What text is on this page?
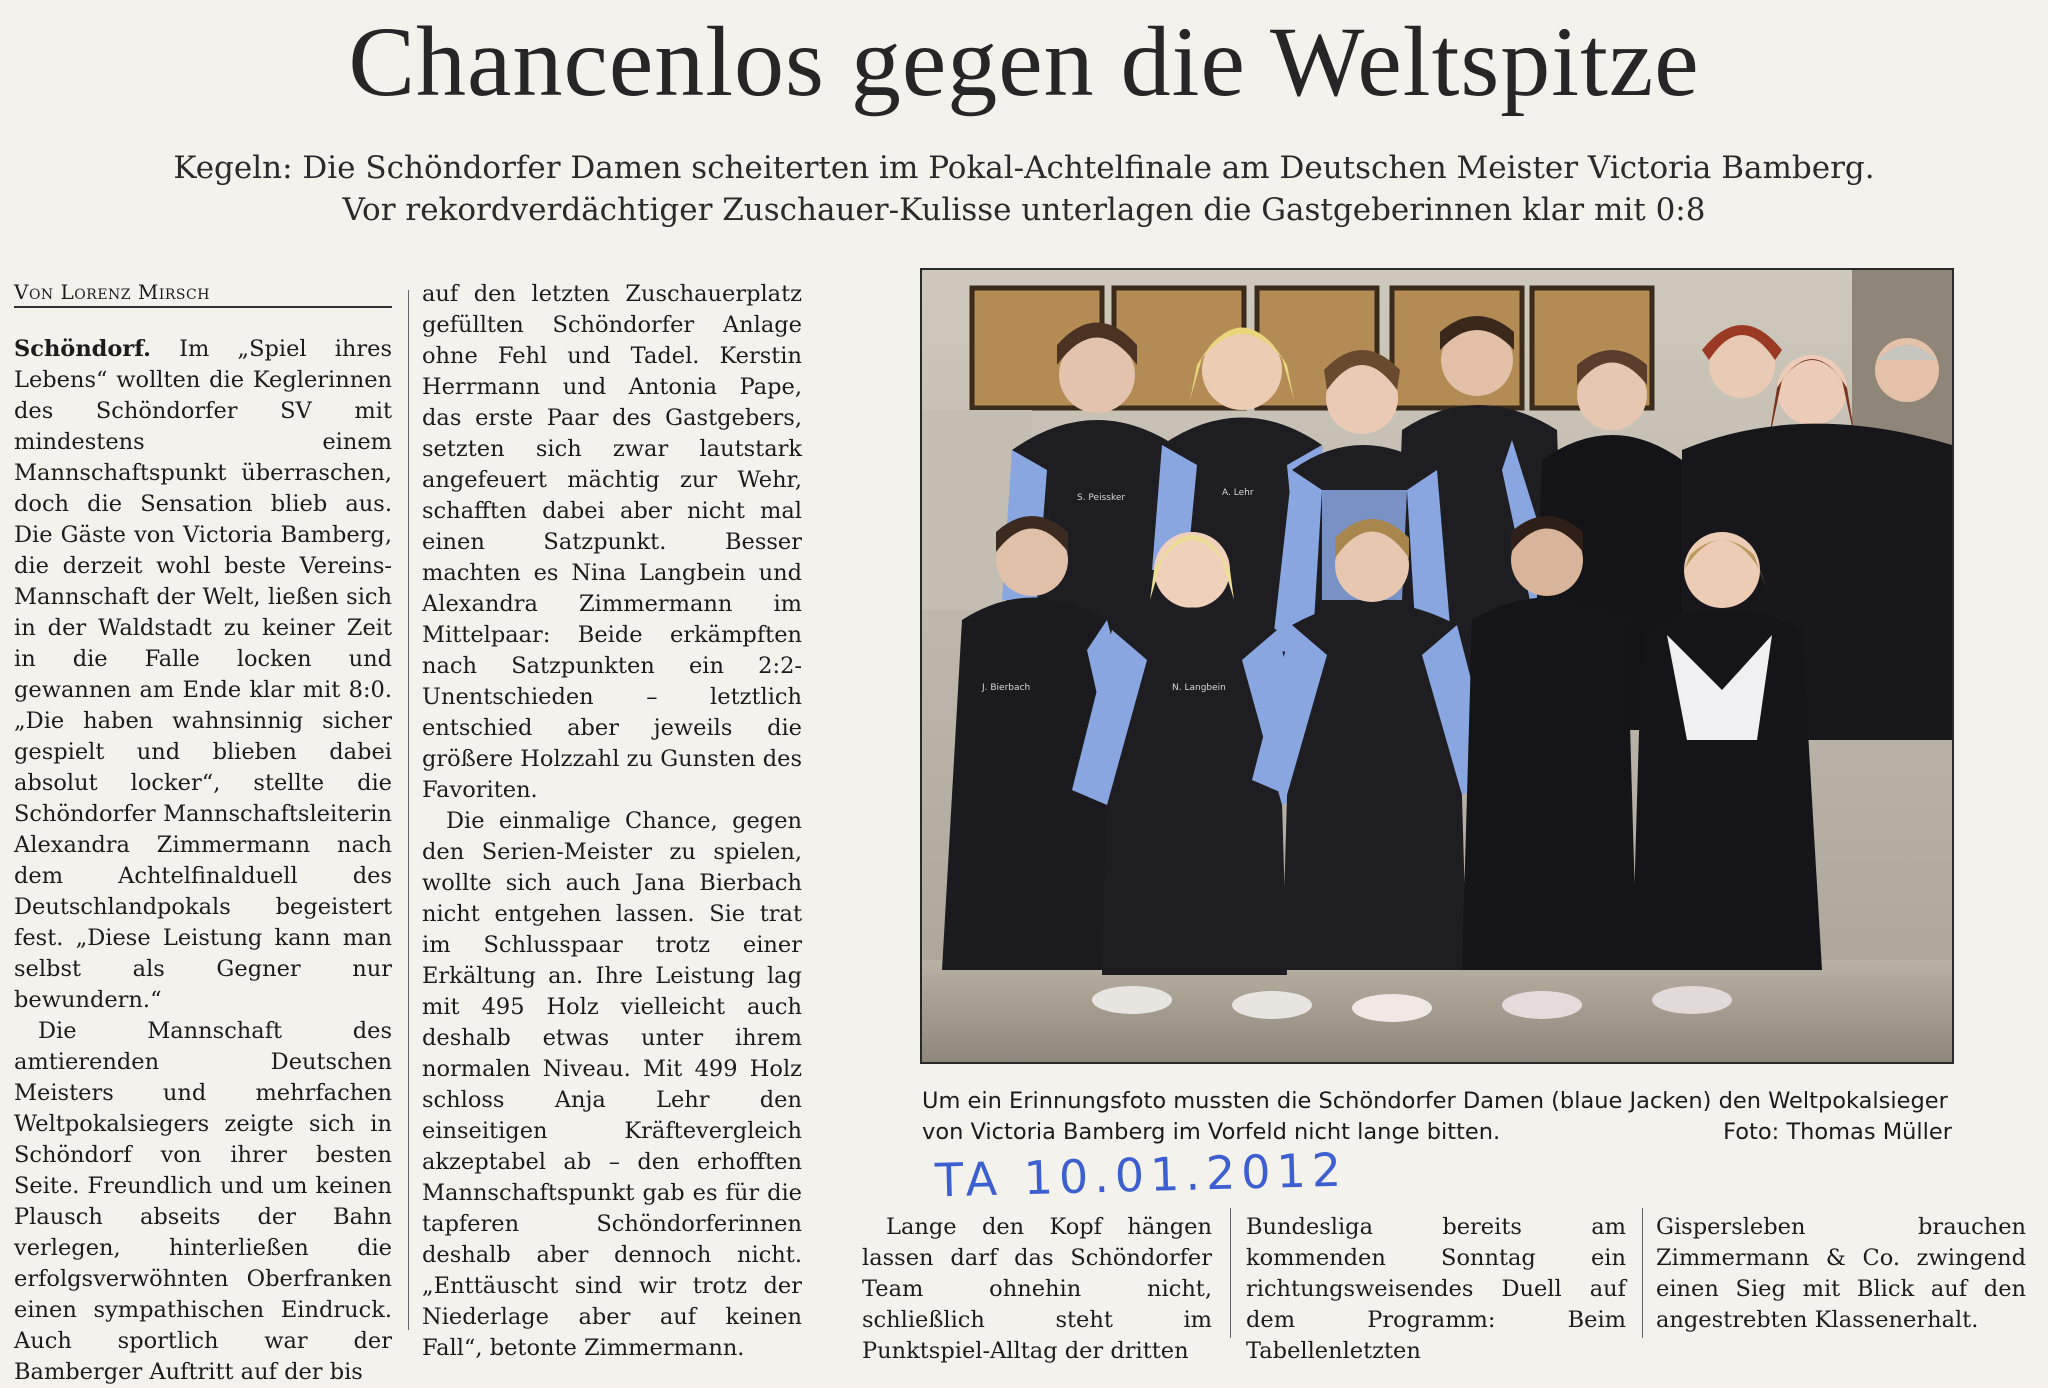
Chancenlos gegen die Weltspitze
Kegeln: Die Schöndorfer Damen scheiterten im Pokal-Achtelfinale am Deutschen Meister Victoria Bamberg.
Vor rekordverdächtiger Zuschauer-Kulisse unterlagen die Gastgeberinnen klar mit 0:8
Von Lorenz Mirsch

Schöndorf. Im „Spiel ihres Lebens“ wollten die Keglerinnen des Schöndorfer SV mit mindestens einem Mannschaftspunkt überraschen, doch die Sensation blieb aus. Die Gäste von Victoria Bamberg, die derzeit wohl beste Vereins-Mannschaft der Welt, ließen sich in der Waldstadt zu keiner Zeit in die Falle locken und gewannen am Ende klar mit 8:0. „Die haben wahnsinnig sicher gespielt und blieben dabei absolut locker“, stellte die Schöndorfer Mannschaftsleiterin Alexandra Zimmermann nach dem Achtelfinalduell des Deutschlandpokals begeistert fest. „Diese Leistung kann man selbst als Gegner nur bewundern.“

Die Mannschaft des amtierenden Deutschen Meisters und mehrfachen Weltpokalsiegers zeigte sich in Schöndorf von ihrer besten Seite. Freundlich und um keinen Plausch abseits der Bahn verlegen, hinterließen die erfolgsverwöhnten Oberfranken einen sympathischen Eindruck. Auch sportlich war der Bamberger Auftritt auf der bis

auf den letzten Zuschauerplatz gefüllten Schöndorfer Anlage ohne Fehl und Tadel. Kerstin Herrmann und Antonia Pape, das erste Paar des Gastgebers, setzten sich zwar lautstark angefeuert mächtig zur Wehr, schafften dabei aber nicht mal einen Satzpunkt. Besser machten es Nina Langbein und Alexandra Zimmermann im Mittelpaar: Beide erkämpften nach Satzpunkten ein 2:2-Unentschieden – letztlich entschied aber jeweils die größere Holzzahl zu Gunsten des Favoriten.

Die einmalige Chance, gegen den Serien-Meister zu spielen, wollte sich auch Jana Bierbach nicht entgehen lassen. Sie trat im Schlusspaar trotz einer Erkältung an. Ihre Leistung lag mit 495 Holz vielleicht auch deshalb etwas unter ihrem normalen Niveau. Mit 499 Holz schloss Anja Lehr den einseitigen Kräftevergleich akzeptabel ab – den erhofften Mannschaftspunkt gab es für die tapferen Schöndorferinnen deshalb aber dennoch nicht. „Enttäuscht sind wir trotz der Niederlage aber auf keinen Fall“, betonte Zimmermann.

S. Peissker	A. Lehr
J. Bierbach	N. Langbein
Um ein Erinnungsfoto mussten die Schöndorfer Damen (blaue Jacken) den Weltpokalsieger von Victoria Bamberg im Vorfeld nicht lange bitten.	Foto: Thomas Müller
TA 10.01.2012

Lange den Kopf hängen lassen darf das Schöndorfer Team ohnehin nicht, schließlich steht im Punktspiel-Alltag der dritten

Bundesliga bereits am kommenden Sonntag ein richtungsweisendes Duell auf dem Programm: Beim Tabellenletzten

Gispersleben brauchen Zimmermann & Co. zwingend einen Sieg mit Blick auf den angestrebten Klassenerhalt.
